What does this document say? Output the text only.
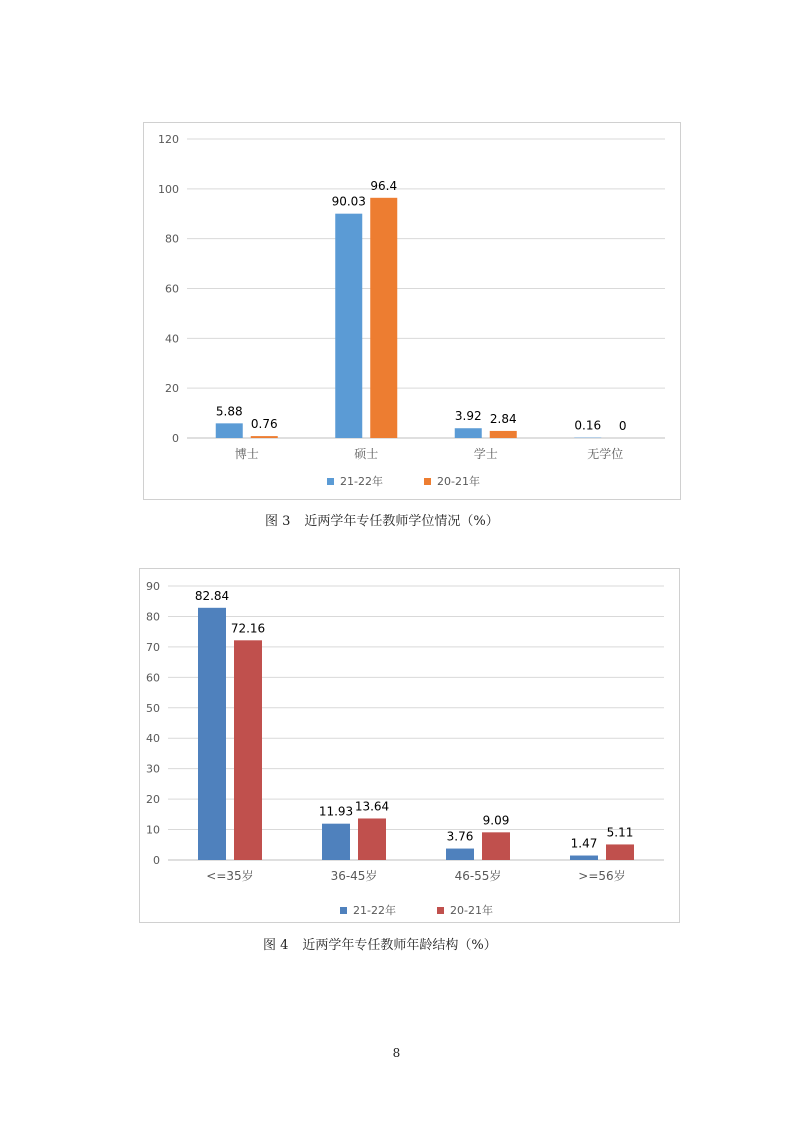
0
20
40
60
80
100
120
5.88
0.76
博士
90.03
96.4
硕士
3.92 2.84
学士
0.16 0
无学位
21-22年	20-21年
图 3 近两学年专任教师学位情况（%）
0
10
20
30
40
50
60
70
80
90
82.84
72.16
<=35岁
11.93 13.64
36-45岁
3.76
9.09
46-55岁
1.47
5.11
>=56岁
21-22年	20-21年
图 4 近两学年专任教师年龄结构（%）
8
